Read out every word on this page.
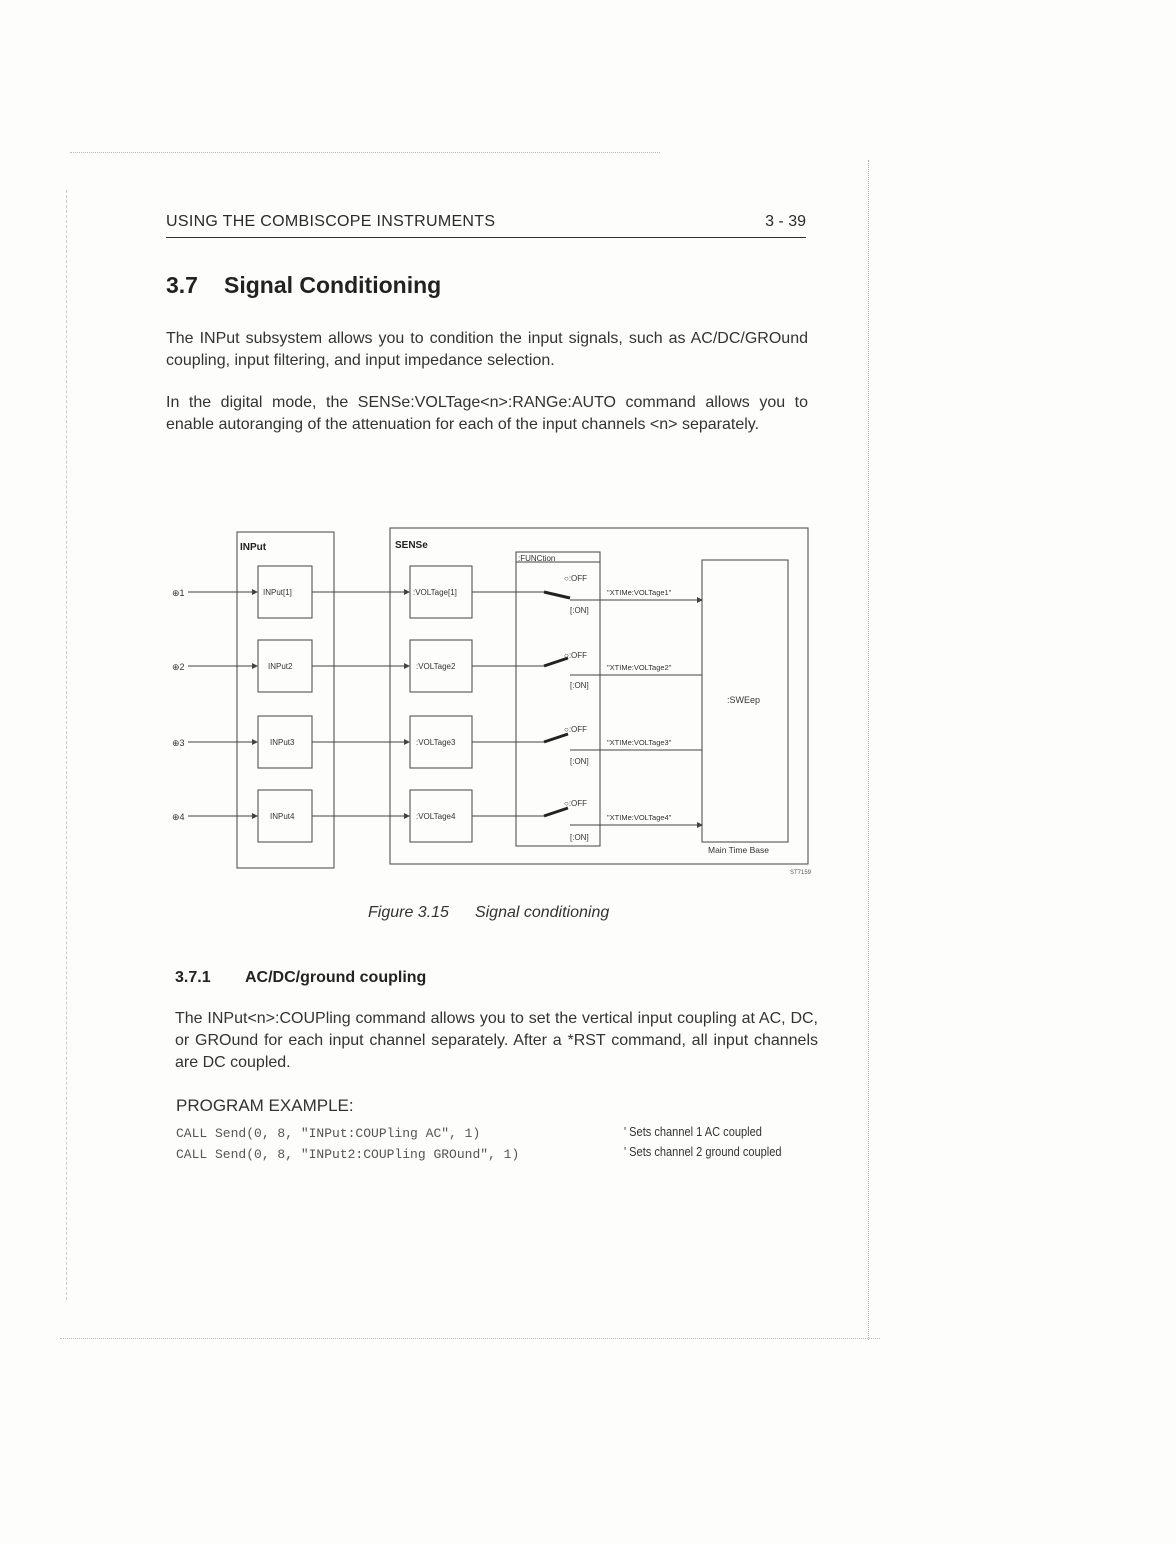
USING THE COMBISCOPE INSTRUMENTS	3 - 39
3.7 Signal Conditioning
The INPut subsystem allows you to condition the input signals, such as AC/DC/GROund coupling, input filtering, and input impedance selection.
In the digital mode, the SENSe:VOLTage<n>:RANGe:AUTO command allows you to enable autoranging of the attenuation for each of the input channels <n> separately.
INPut	SENSe
:FUNCtion
:SWEep
Main Time Base
ST7159
⊕1	INPut[1]	:VOLTage[1]
○:OFF
[:ON]
"XTIMe:VOLTage1"
⊕2	INPut2	:VOLTage2
○:OFF
[:ON]
"XTIMe:VOLTage2"
⊕3	INPut3	:VOLTage3
○:OFF
[:ON]
"XTIMe:VOLTage3"
⊕4	INPut4	:VOLTage4
○:OFF
[:ON]
"XTIMe:VOLTage4"
Figure 3.15 Signal conditioning
3.7.1 AC/DC/ground coupling
The INPut<n>:COUPling command allows you to set the vertical input coupling at AC, DC, or GROund for each input channel separately. After a *RST command, all input channels are DC coupled.
PROGRAM EXAMPLE:
CALL Send(0, 8, "INPut:COUPling AC", 1)	' Sets channel 1 AC coupled
CALL Send(0, 8, "INPut2:COUPling GROund", 1)	' Sets channel 2 ground coupled
